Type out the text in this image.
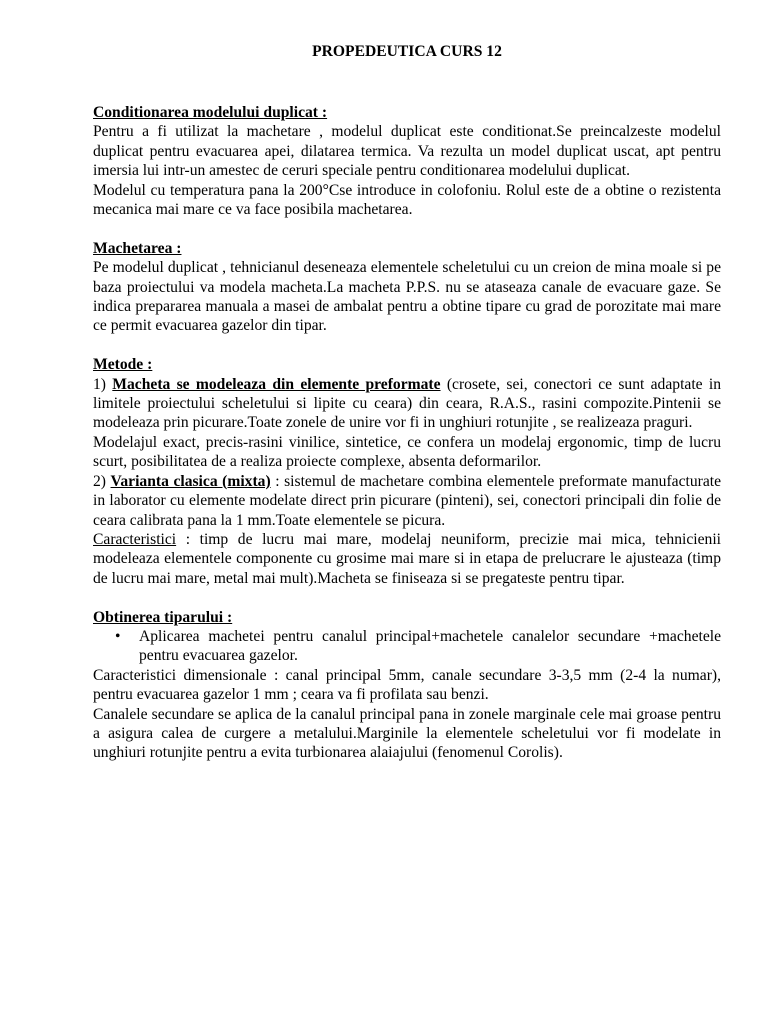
PROPEDEUTICA CURS 12
Conditionarea modelului duplicat :

Pentru a fi utilizat la machetare , modelul duplicat este conditionat.Se preincalzeste modelul duplicat pentru evacuarea apei, dilatarea termica. Va rezulta un model duplicat uscat, apt pentru imersia lui intr-un amestec de ceruri speciale pentru conditionarea modelului duplicat.

Modelul cu temperatura pana la 200°Cse introduce in colofoniu. Rolul este de a obtine o rezistenta mecanica mai mare ce va face posibila machetarea.

Machetarea :

Pe modelul duplicat , tehnicianul deseneaza elementele scheletului cu un creion de mina moale si pe baza proiectului va modela macheta.La macheta P.P.S. nu se ataseaza canale de evacuare gaze. Se indica prepararea manuala a masei de ambalat pentru a obtine tipare cu grad de porozitate mai mare ce permit evacuarea gazelor din tipar.

Metode :

1) Macheta se modeleaza din elemente preformate (crosete, sei, conectori ce sunt adaptate in limitele proiectului scheletului si lipite cu ceara) din ceara, R.A.S., rasini compozite.Pintenii se modeleaza prin picurare.Toate zonele de unire vor fi in unghiuri rotunjite , se realizeaza praguri.

Modelajul exact, precis-rasini vinilice, sintetice, ce confera un modelaj ergonomic, timp de lucru scurt, posibilitatea de a realiza proiecte complexe, absenta deformarilor.

2) Varianta clasica (mixta) : sistemul de machetare combina elementele preformate manufacturate in laborator cu elemente modelate direct prin picurare (pinteni), sei, conectori principali din folie de ceara calibrata pana la 1 mm.Toate elementele se picura.

Caracteristici : timp de lucru mai mare, modelaj neuniform, precizie mai mica, tehnicienii modeleaza elementele componente cu grosime mai mare si in etapa de prelucrare le ajusteaza (timp de lucru mai mare, metal mai mult).Macheta se finiseaza si se pregateste pentru tipar.

Obtinerea tiparului :
• Aplicarea machetei pentru canalul principal+machetele canalelor secundare +machetele pentru evacuarea gazelor.

Caracteristici dimensionale : canal principal 5mm, canale secundare 3-3,5 mm (2-4 la numar), pentru evacuarea gazelor 1 mm ; ceara va fi profilata sau benzi.

Canalele secundare se aplica de la canalul principal pana in zonele marginale cele mai groase pentru a asigura calea de curgere a metalului.Marginile la elementele scheletului vor fi modelate in unghiuri rotunjite pentru a evita turbionarea alaiajului (fenomenul Corolis).
